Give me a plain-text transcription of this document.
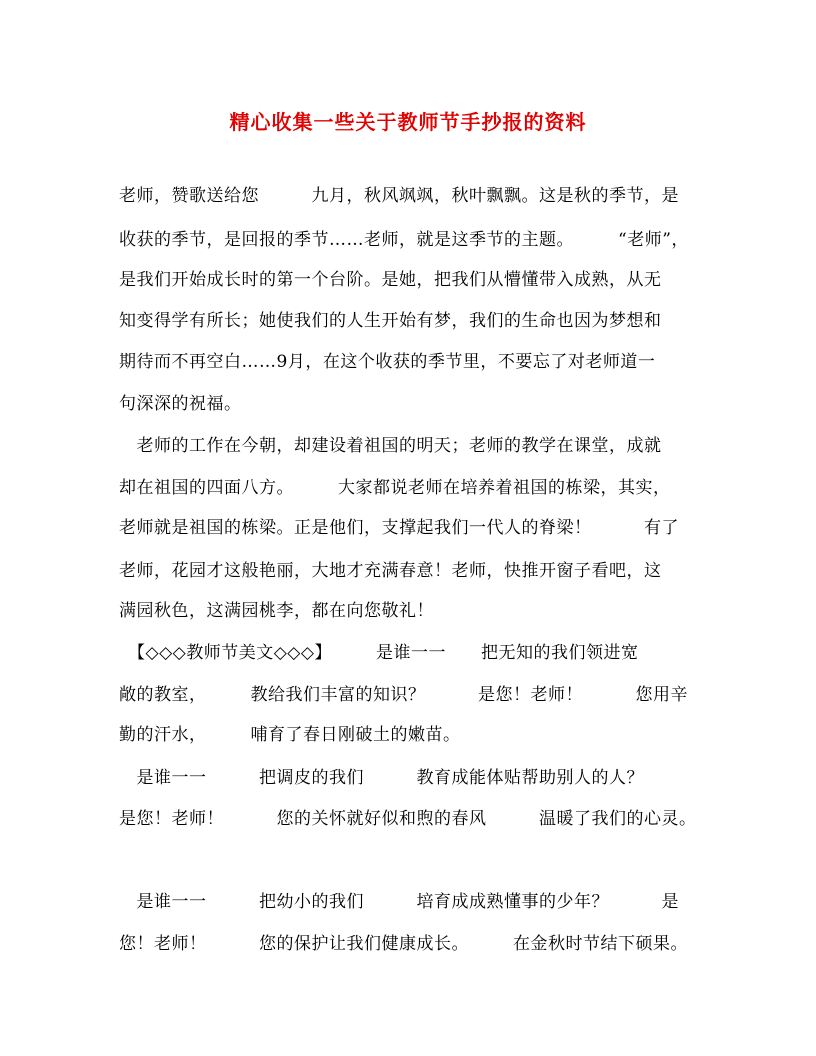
精心收集一些关于教师节手抄报的资料
老师，赞歌送给您　　　九月，秋风飒飒，秋叶飘飘。这是秋的季节，是
收获的季节，是回报的季节……老师，就是这季节的主题。　　　“老师”，
是我们开始成长时的第一个台阶。是她，把我们从懵懂带入成熟，从无
知变得学有所长；她使我们的人生开始有梦，我们的生命也因为梦想和
期待而不再空白……9月，在这个收获的季节里，不要忘了对老师道一
句深深的祝福。
　老师的工作在今朝，却建设着祖国的明天；老师的教学在课堂，成就
却在祖国的四面八方。　　　大家都说老师在培养着祖国的栋梁，其实，
老师就是祖国的栋梁。正是他们，支撑起我们一代人的脊梁！　　　有了
老师，花园才这般艳丽，大地才充满春意！老师，快推开窗子看吧，这
满园秋色，这满园桃李，都在向您敬礼！
　【◇◇◇教师节美文◇◇◇】　　　是谁一一　　把无知的我们领进宽
敞的教室，　　　教给我们丰富的知识？　　　是您！老师！　　　您用辛
勤的汗水，　　　哺育了春日刚破土的嫩苗。
　是谁一一　　　把调皮的我们　　　教育成能体贴帮助别人的人？
是您！老师！　　　您的关怀就好似和煦的春风　　　温暖了我们的心灵。
　是谁一一　　　把幼小的我们　　　培育成成熟懂事的少年？　　　是
您！老师！　　　您的保护让我们健康成长。　　　在金秋时节结下硕果。
